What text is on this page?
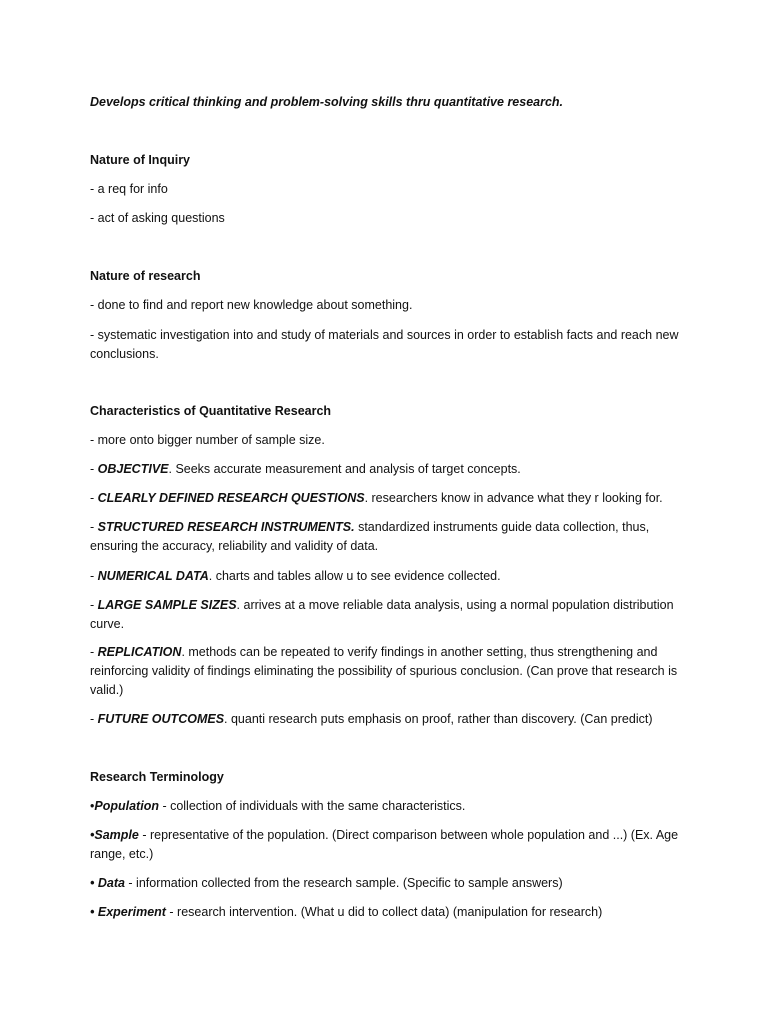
Develops critical thinking and problem-solving skills thru quantitative research.

Nature of Inquiry

- a req for info

- act of asking questions

Nature of research

- done to find and report new knowledge about something.

- systematic investigation into and study of materials and sources in order to establish facts and reach new conclusions.

Characteristics of Quantitative Research

- more onto bigger number of sample size.

- OBJECTIVE. Seeks accurate measurement and analysis of target concepts.

- CLEARLY DEFINED RESEARCH QUESTIONS. researchers know in advance what they r looking for.

- STRUCTURED RESEARCH INSTRUMENTS. standardized instruments guide data collection, thus, ensuring the accuracy, reliability and validity of data.

- NUMERICAL DATA. charts and tables allow u to see evidence collected.

- LARGE SAMPLE SIZES. arrives at a move reliable data analysis, using a normal population distribution curve.

- REPLICATION. methods can be repeated to verify findings in another setting, thus strengthening and reinforcing validity of findings eliminating the possibility of spurious conclusion. (Can prove that research is valid.)

- FUTURE OUTCOMES. quanti research puts emphasis on proof, rather than discovery. (Can predict)

Research Terminology

•Population - collection of individuals with the same characteristics.

•Sample - representative of the population. (Direct comparison between whole population and ...) (Ex. Age range, etc.)

• Data - information collected from the research sample. (Specific to sample answers)

• Experiment - research intervention. (What u did to collect data) (manipulation for research)
